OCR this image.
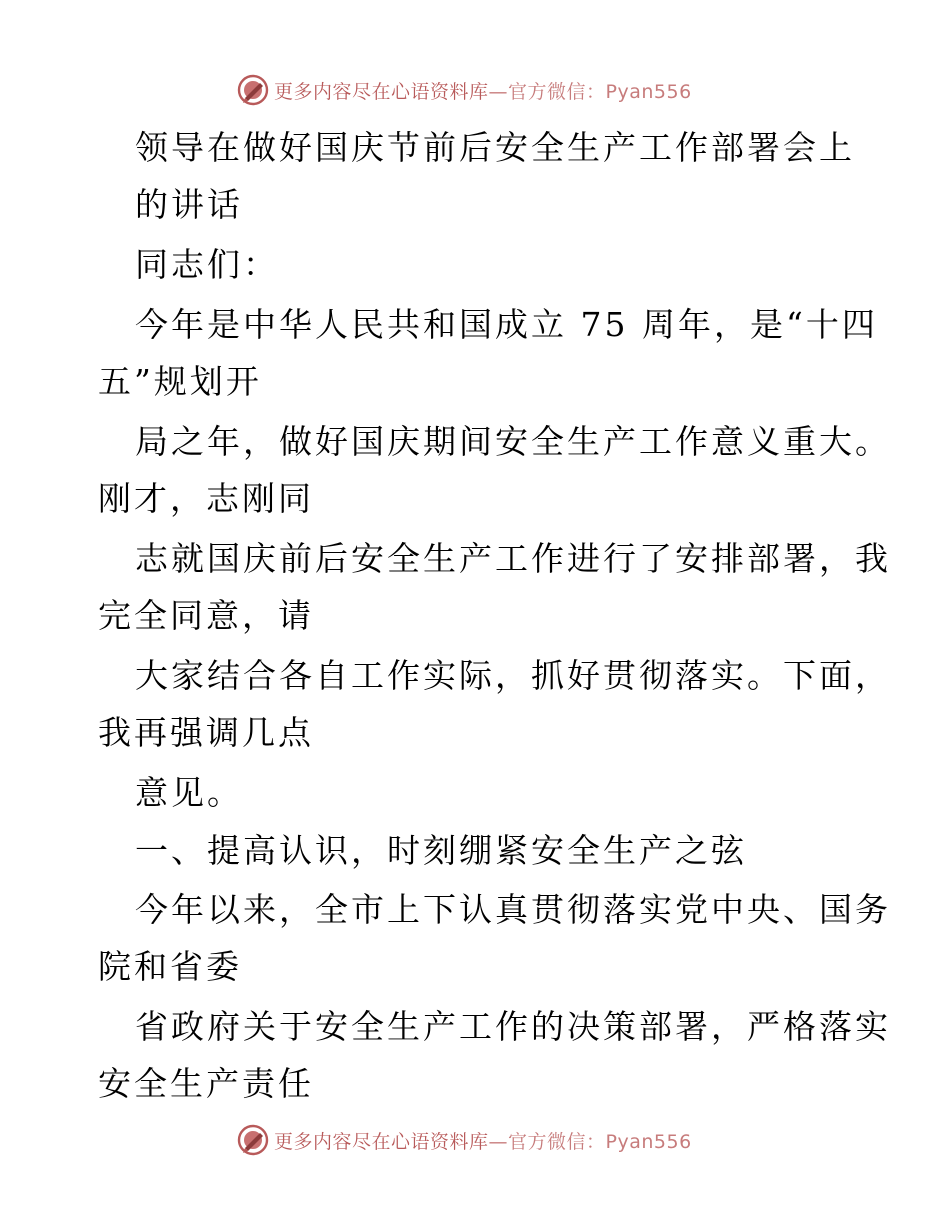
更多内容尽在心语资料库—官方微信：Pyan556
领导在做好国庆节前后安全生产工作部署会上
的讲话
同志们：
今年是中华人民共和国成立 75 周年，是“十四
五”规划开
局之年，做好国庆期间安全生产工作意义重大。
刚才，志刚同
志就国庆前后安全生产工作进行了安排部署，我
完全同意，请
大家结合各自工作实际，抓好贯彻落实。下面，
我再强调几点
意见。
一、提高认识，时刻绷紧安全生产之弦
今年以来，全市上下认真贯彻落实党中央、国务
院和省委
省政府关于安全生产工作的决策部署，严格落实
安全生产责任
更多内容尽在心语资料库—官方微信：Pyan556
